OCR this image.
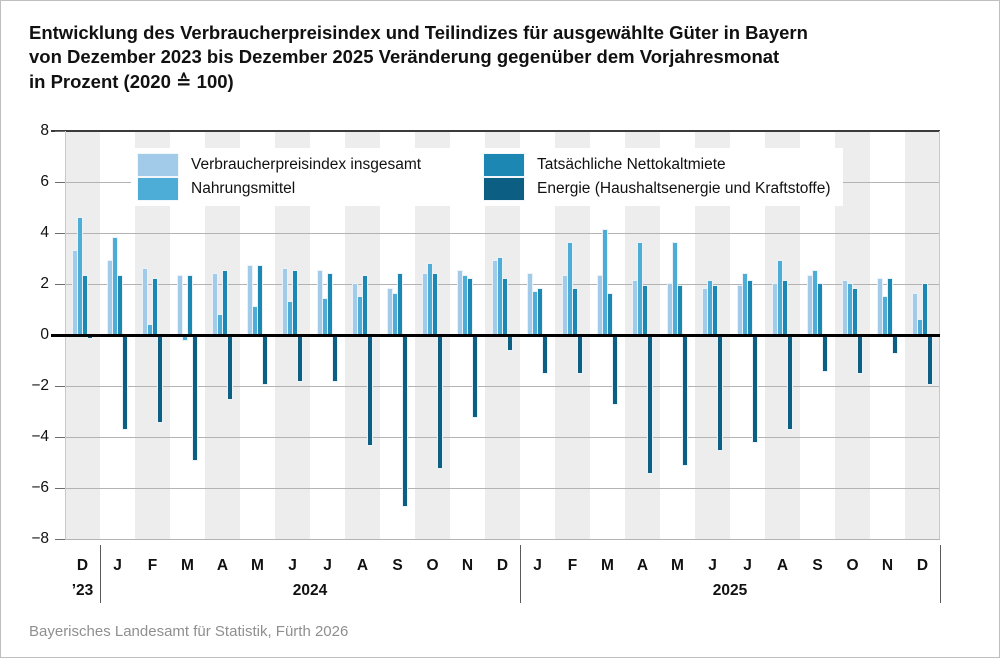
Entwicklung des Verbraucherpreisindex und Teilindizes für ausgewählte Güter in Bayern
von Dezember 2023 bis Dezember 2025 Veränderung gegenüber dem Vorjahresmonat
in Prozent (2020 ≙ 100)
8
6
4
2
0
−2
−4
−6
−8
D	J	F	M	A	M	J	J	A	S	O	N	D	J	F	M	A	M	J	J	A	S	O	N	D
’23	2024	2025
Verbraucherpreisindex insgesamt
Nahrungsmittel
Tatsächliche Nettokaltmiete
Energie (Haushaltsenergie und Kraftstoffe)
Bayerisches Landesamt für Statistik, Fürth 2026
